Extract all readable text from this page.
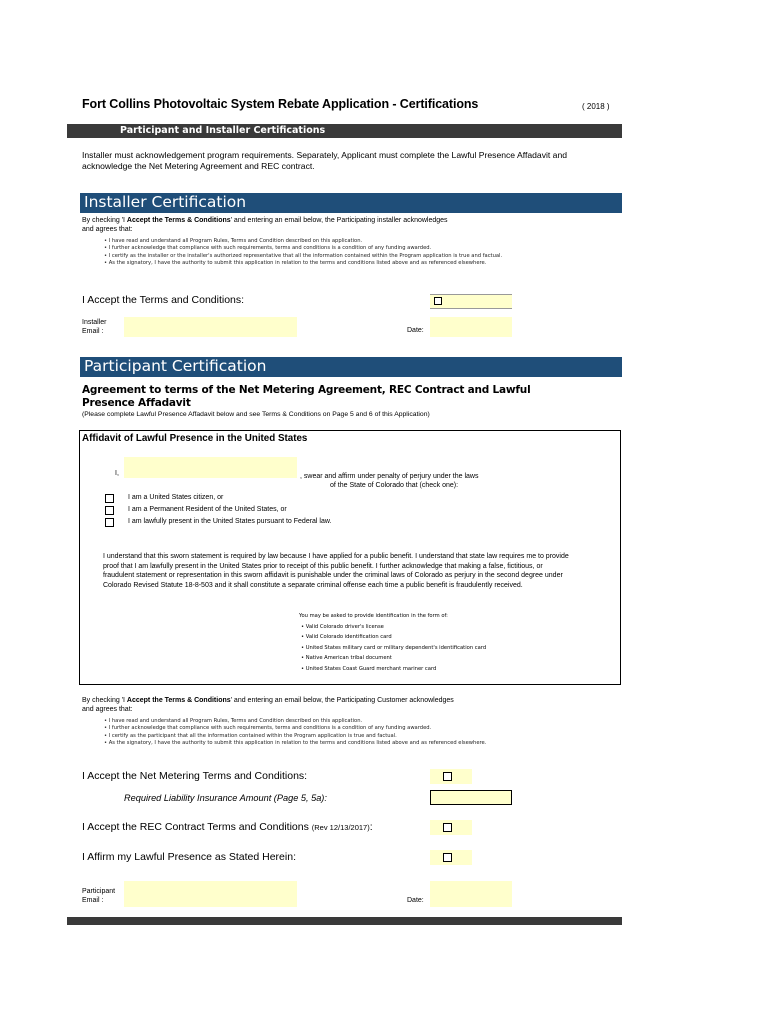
Fort Collins Photovoltaic System Rebate Application - Certifications	( 2018 )
Participant and Installer Certifications
Installer must acknowledgement program requirements. Separately, Applicant must complete the Lawful Presence Affadavit and acknowledge the Net Metering Agreement and REC contract.
Installer Certification
By checking 'I Accept the Terms & Conditions' and entering an email below, the Participating installer acknowledges
and agrees that:
• I have read and understand all Program Rules, Terms and Condition described on this application.
• I further acknowledge that compliance with such requirements, terms and conditions is a condition of any funding awarded.
• I certify as the installer or the installer's authorized representative that all the information contained within the Program application is true and factual.
• As the signatory, I have the authority to submit this application in relation to the terms and conditions listed above and as referenced elsewhere.
I Accept the Terms and Conditions:
Installer
Email :	Date:
Participant Certification
Agreement to terms of the Net Metering Agreement, REC Contract and Lawful Presence Affadavit
(Please complete Lawful Presence Affadavit below and see Terms & Conditions on Page 5 and 6 of this Application)
Affidavit of Lawful Presence in the United States
I,	, swear and affirm under penalty of perjury under the laws
of the State of Colorado that (check one):
I am a United States citizen, or
I am a Permanent Resident of the United States, or
I am lawfully present in the United States pursuant to Federal law.
I understand that this sworn statement is required by law because I have applied for a public benefit. I understand that state law requires me to provide proof that I am lawfully present in the United States prior to receipt of this public benefit. I further acknowledge that making a false, fictitious, or fraudulent statement or representation in this sworn affidavit is punishable under the criminal laws of Colorado as perjury in the second degree under Colorado Revised Statute 18-8-503 and it shall constitute a separate criminal offense each time a public benefit is fraudulently received.
You may be asked to provide identification in the form of:
• Valid Colorado driver's license
• Valid Colorado identification card
• United States military card or military dependent's identification card
• Native American tribal document
• United States Coast Guard merchant mariner card
By checking 'I Accept the Terms & Conditions' and entering an email below, the Participating Customer acknowledges
and agrees that:
• I have read and understand all Program Rules, Terms and Condition described on this application.
• I further acknowledge that compliance with such requirements, terms and conditions is a condition of any funding awarded.
• I certify as the participant that all the information contained within the Program application is true and factual.
• As the signatory, I have the authority to submit this application in relation to the terms and conditions listed above and as referenced elsewhere.
I Accept the Net Metering Terms and Conditions:
Required Liability Insurance Amount (Page 5, 5a):
I Accept the REC Contract Terms and Conditions (Rev 12/13/2017):
I Affirm my Lawful Presence as Stated Herein:
Participant
Email :	Date:
